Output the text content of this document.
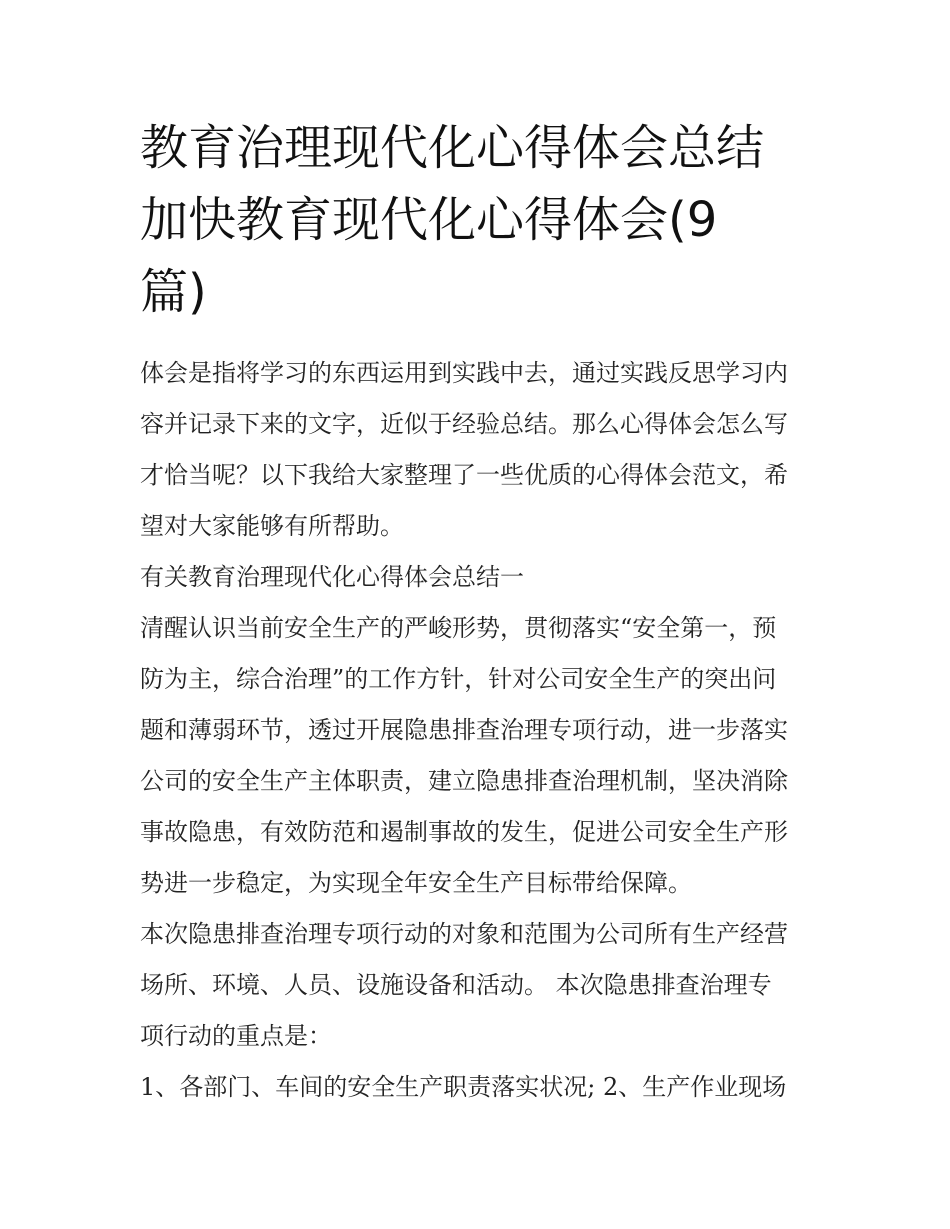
教育治理现代化心得体会总结
加快教育现代化心得体会(9
篇)

体会是指将学习的东西运用到实践中去，通过实践反思学习内
容并记录下来的文字，近似于经验总结。那么心得体会怎么写
才恰当呢？以下我给大家整理了一些优质的心得体会范文，希
望对大家能够有所帮助。

有关教育治理现代化心得体会总结一

清醒认识当前安全生产的严峻形势，贯彻落实“安全第一，预
防为主，综合治理”的工作方针，针对公司安全生产的突出问
题和薄弱环节，透过开展隐患排查治理专项行动，进一步落实
公司的安全生产主体职责，建立隐患排查治理机制，坚决消除
事故隐患，有效防范和遏制事故的发生，促进公司安全生产形
势进一步稳定，为实现全年安全生产目标带给保障。

本次隐患排查治理专项行动的对象和范围为公司所有生产经营
场所、环境、人员、设施设备和活动。 本次隐患排查治理专
项行动的重点是：

1、各部门、车间的安全生产职责落实状况; 2、生产作业现场
